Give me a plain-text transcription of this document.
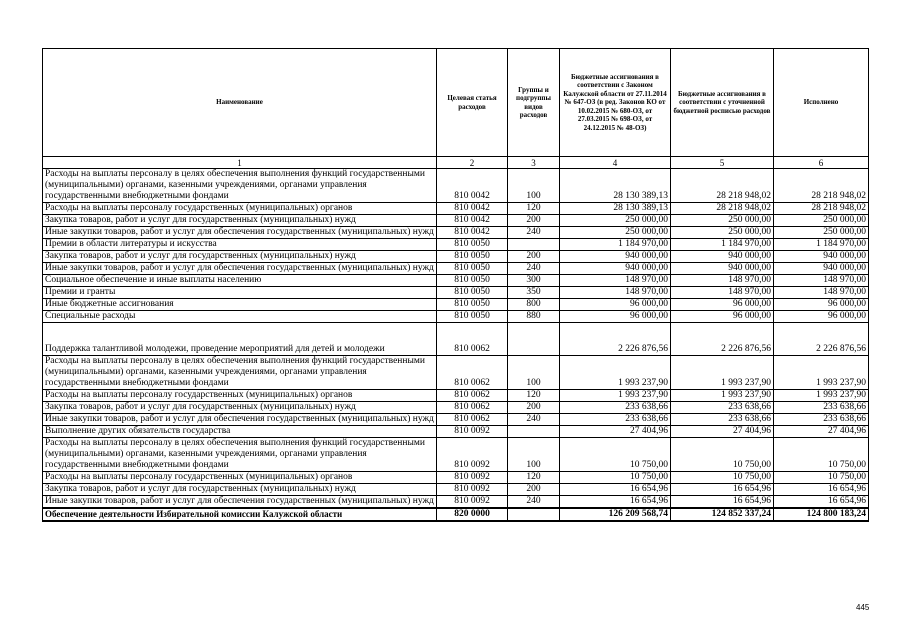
Наименование	Целевая статья расходов	Группы и подгруппы видов расходов	Бюджетные ассигнования в соответствии с Законом Калужской области от 27.11.2014 № 647-ОЗ (в ред. Законов КО от 10.02.2015 № 680-ОЗ, от 27.03.2015 № 698-ОЗ, от 24.12.2015 № 48-ОЗ)	Бюджетные ассигнования в соответствии с уточненной бюджетной росписью расходов	Исполнено
1	2	3	4	5	6
Расходы на выплаты персоналу в целях обеспечения выполнения функций государственными (муниципальными) органами, казенными учреждениями, органами управления государственными внебюджетными фондами	810 0042	100	28 130 389,13	28 218 948,02	28 218 948,02
Расходы на выплаты персоналу государственных (муниципальных) органов	810 0042	120	28 130 389,13	28 218 948,02	28 218 948,02
Закупка товаров, работ и услуг для государственных (муниципальных) нужд	810 0042	200	250 000,00	250 000,00	250 000,00
Иные закупки товаров, работ и услуг для обеспечения государственных (муниципальных) нужд	810 0042	240	250 000,00	250 000,00	250 000,00
Премии в области литературы и искусства	810 0050		1 184 970,00	1 184 970,00	1 184 970,00
Закупка товаров, работ и услуг для государственных (муниципальных) нужд	810 0050	200	940 000,00	940 000,00	940 000,00
Иные закупки товаров, работ и услуг для обеспечения государственных (муниципальных) нужд	810 0050	240	940 000,00	940 000,00	940 000,00
Социальное обеспечение и иные выплаты населению	810 0050	300	148 970,00	148 970,00	148 970,00
Премии и гранты	810 0050	350	148 970,00	148 970,00	148 970,00
Иные бюджетные ассигнования	810 0050	800	96 000,00	96 000,00	96 000,00
Специальные расходы	810 0050	880	96 000,00	96 000,00	96 000,00
Поддержка талантливой молодежи, проведение мероприятий для детей и молодежи	810 0062		2 226 876,56	2 226 876,56	2 226 876,56
Расходы на выплаты персоналу в целях обеспечения выполнения функций государственными (муниципальными) органами, казенными учреждениями, органами управления государственными внебюджетными фондами	810 0062	100	1 993 237,90	1 993 237,90	1 993 237,90
Расходы на выплаты персоналу государственных (муниципальных) органов	810 0062	120	1 993 237,90	1 993 237,90	1 993 237,90
Закупка товаров, работ и услуг для государственных (муниципальных) нужд	810 0062	200	233 638,66	233 638,66	233 638,66
Иные закупки товаров, работ и услуг для обеспечения государственных (муниципальных) нужд	810 0062	240	233 638,66	233 638,66	233 638,66
Выполнение других обязательств государства	810 0092		27 404,96	27 404,96	27 404,96
Расходы на выплаты персоналу в целях обеспечения выполнения функций государственными (муниципальными) органами, казенными учреждениями, органами управления государственными внебюджетными фондами	810 0092	100	10 750,00	10 750,00	10 750,00
Расходы на выплаты персоналу государственных (муниципальных) органов	810 0092	120	10 750,00	10 750,00	10 750,00
Закупка товаров, работ и услуг для государственных (муниципальных) нужд	810 0092	200	16 654,96	16 654,96	16 654,96
Иные закупки товаров, работ и услуг для обеспечения государственных (муниципальных) нужд	810 0092	240	16 654,96	16 654,96	16 654,96
Обеспечение деятельности Избирательной комиссии Калужской области	820 0000		126 209 568,74	124 852 337,24	124 800 183,24
445
